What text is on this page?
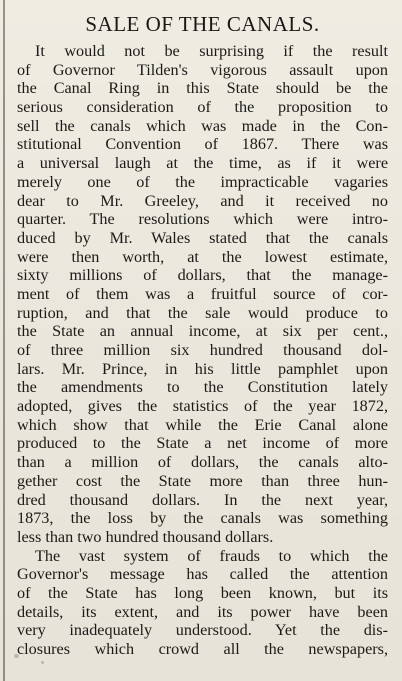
SALE OF THE CANALS.
It would not be surprising if the result
of Governor Tilden's vigorous assault upon
the Canal Ring in this State should be the
serious consideration of the proposition to
sell the canals which was made in the Con-
stitutional Convention of 1867. There was
a universal laugh at the time, as if it were
merely one of the impracticable vagaries
dear to Mr. Greeley, and it received no
quarter. The resolutions which were intro-
duced by Mr. Wales stated that the canals
were then worth, at the lowest estimate,
sixty millions of dollars, that the manage-
ment of them was a fruitful source of cor-
ruption, and that the sale would produce to
the State an annual income, at six per cent.,
of three million six hundred thousand dol-
lars. Mr. Prince, in his little pamphlet upon
the amendments to the Constitution lately
adopted, gives the statistics of the year 1872,
which show that while the Erie Canal alone
produced to the State a net income of more
than a million of dollars, the canals alto-
gether cost the State more than three hun-
dred thousand dollars. In the next year,
1873, the loss by the canals was something
less than two hundred thousand dollars.
The vast system of frauds to which the
Governor's message has called the attention
of the State has long been known, but its
details, its extent, and its power have been
very inadequately understood. Yet the dis-
closures which crowd all the newspapers,
